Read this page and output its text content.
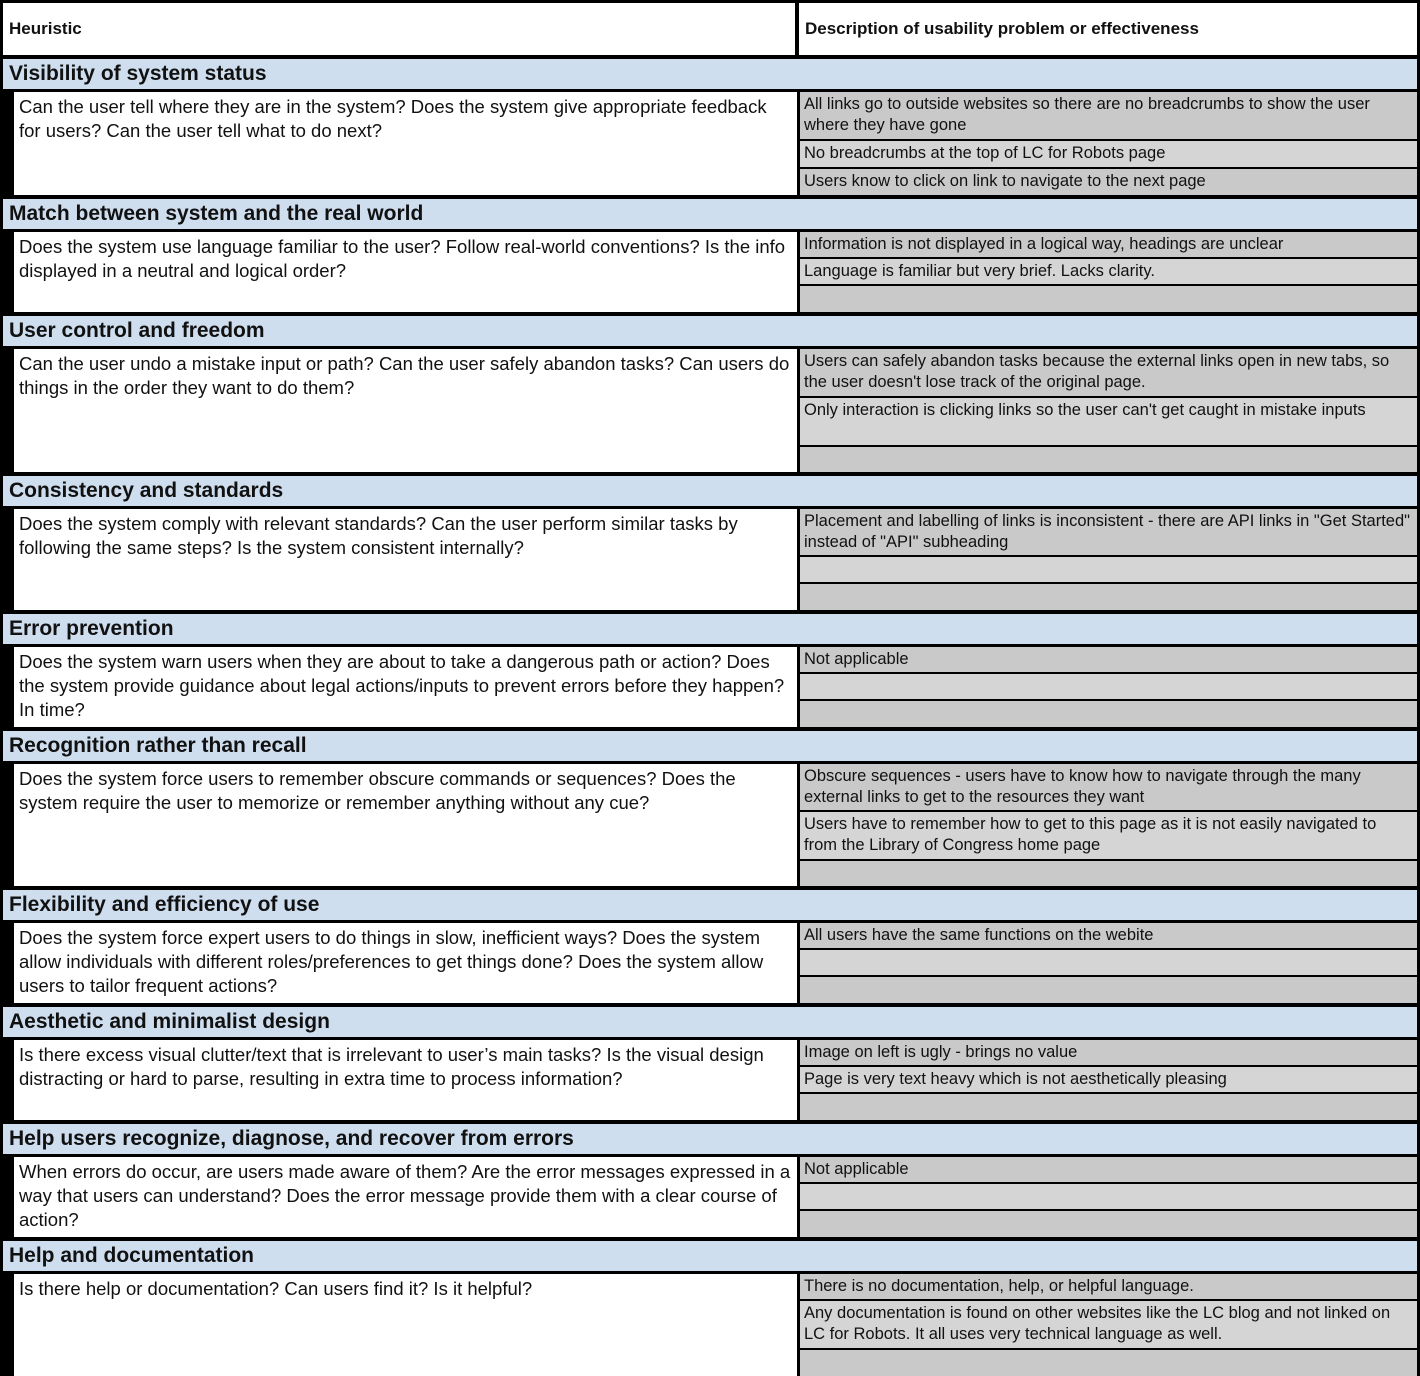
Heuristic	Description of usability problem or effectiveness
Visibility of system status
Can the user tell where they are in the system? Does the system give appropriate feedback for users? Can the user tell what to do next?
All links go to outside websites so there are no breadcrumbs to show the user where they have gone
No breadcrumbs at the top of LC for Robots page
Users know to click on link to navigate to the next page
Match between system and the real world
Does the system use language familiar to the user? Follow real-world conventions? Is the info displayed in a neutral and logical order?
Information is not displayed in a logical way, headings are unclear
Language is familiar but very brief. Lacks clarity.
User control and freedom
Can the user undo a mistake input or path? Can the user safely abandon tasks? Can users do things in the order they want to do them?
Users can safely abandon tasks because the external links open in new tabs, so the user doesn't lose track of the original page.
Only interaction is clicking links so the user can't get caught in mistake inputs
Consistency and standards
Does the system comply with relevant standards? Can the user perform similar tasks by following the same steps? Is the system consistent internally?
Placement and labelling of links is inconsistent - there are API links in "Get Started" instead of "API" subheading
Error prevention
Does the system warn users when they are about to take a dangerous path or action? Does the system provide guidance about legal actions/inputs to prevent errors before they happen? In time?
Not applicable
Recognition rather than recall
Does the system force users to remember obscure commands or sequences? Does the system require the user to memorize or remember anything without any cue?
Obscure sequences - users have to know how to navigate through the many external links to get to the resources they want
Users have to remember how to get to this page as it is not easily navigated to from the Library of Congress home page
Flexibility and efficiency of use
Does the system force expert users to do things in slow, inefficient ways? Does the system allow individuals with different roles/preferences to get things done? Does the system allow users to tailor frequent actions?
All users have the same functions on the webite
Aesthetic and minimalist design
Is there excess visual clutter/text that is irrelevant to user’s main tasks? Is the visual design distracting or hard to parse, resulting in extra time to process information?
Image on left is ugly - brings no value
Page is very text heavy which is not aesthetically pleasing
Help users recognize, diagnose, and recover from errors
When errors do occur, are users made aware of them? Are the error messages expressed in a way that users can understand? Does the error message provide them with a clear course of action?
Not applicable
Help and documentation
Is there help or documentation? Can users find it? Is it helpful?	There is no documentation, help, or helpful language.
Any documentation is found on other websites like the LC blog and not linked on LC for Robots. It all uses very technical language as well.
